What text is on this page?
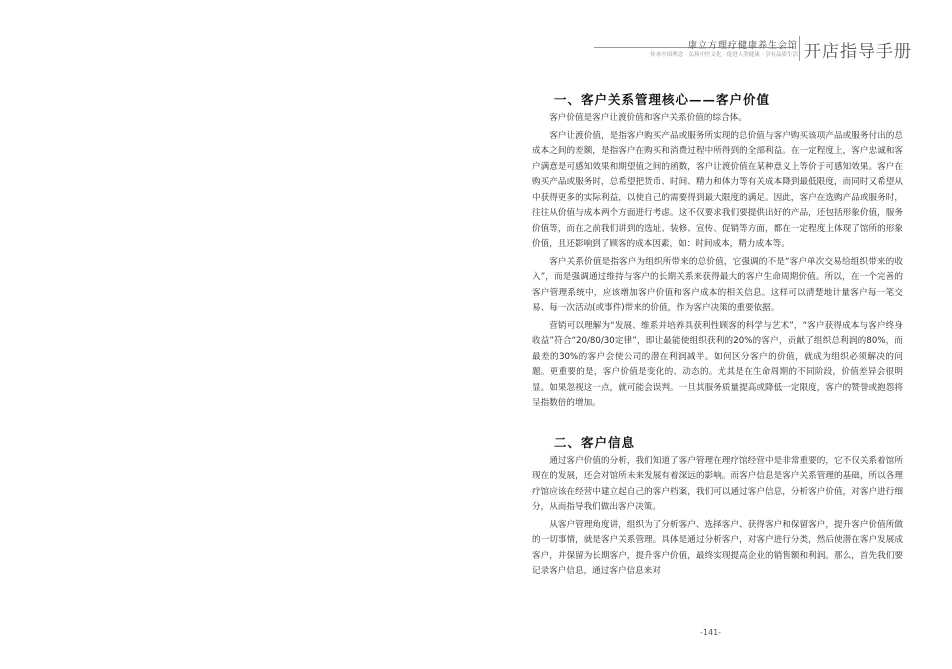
康立方理疗健康养生会馆
传承中国理念 · 弘扬中医文化 · 促进人类健康 · 享有品质生活 开店指导手册
一、客户关系管理核心——客户价值

客户价值是客户让渡价值和客户关系价值的综合体。

客户让渡价值，是指客户购买产品或服务所实现的总价值与客户购买该项产品或服务付出的总成本之间的差额，是指客户在购买和消费过程中所得到的全部利益。在一定程度上，客户忠诚和客户满意是可感知效果和期望值之间的函数，客户让渡价值在某种意义上等价于可感知效果。客户在购买产品或服务时，总希望把货币、时间、精力和体力等有关成本降到最低限度，而同时又希望从中获得更多的实际利益，以使自己的需要得到最大限度的满足。因此，客户在选购产品或服务时，往往从价值与成本两个方面进行考虑。这不仅要求我们要提供出好的产品，还包括形象价值，服务价值等，而在之前我们讲到的选址、装修、宣传、促销等方面，都在一定程度上体现了馆所的形象价值，且还影响到了顾客的成本因素，如：时间成本，精力成本等。

客户关系价值是指客户为组织所带来的总价值，它强调的不是“客户单次交易给组织带来的收入”，而是强调通过维持与客户的长期关系来获得最大的客户生命周期价值。所以，在一个完善的客户管理系统中，应该增加客户价值和客户成本的相关信息。这样可以清楚地计量客户每一笔交易、每一次活动(或事件)带来的价值，作为客户决策的重要依据。

营销可以理解为“发展、维系并培养具获利性顾客的科学与艺术”，“客户获得成本与客户终身收益”符合“20/80/30定律”，即让最能使组织获利的20%的客户，贡献了组织总利润的80%，而最差的30%的客户会使公司的潜在利润减半。如何区分客户的价值，就成为组织必须解决的问题。更重要的是，客户价值是变化的、动态的。尤其是在生命周期的不同阶段，价值差异会很明显。如果忽视这一点，就可能会误判。一旦其服务质量提高或降低一定限度，客户的赞誉或抱怨将呈指数倍的增加。

二、客户信息

通过客户价值的分析，我们知道了客户管理在理疗馆经营中是非常重要的，它不仅关系着馆所现在的发展，还会对馆所未来发展有着深远的影响。而客户信息是客户关系管理的基础，所以各理疗馆应该在经营中建立起自己的客户档案，我们可以通过客户信息，分析客户价值，对客户进行细分，从而指导我们做出客户决策。

从客户管理角度讲，组织为了分析客户、选择客户、获得客户和保留客户，提升客户价值所做的一切事情，就是客户关系管理。具体是通过分析客户，对客户进行分类，然后使潜在客户发展成客户，并保留为长期客户，提升客户价值，最终实现提高企业的销售额和利润。那么，首先我们要记录客户信息，通过客户信息来对

-141-
